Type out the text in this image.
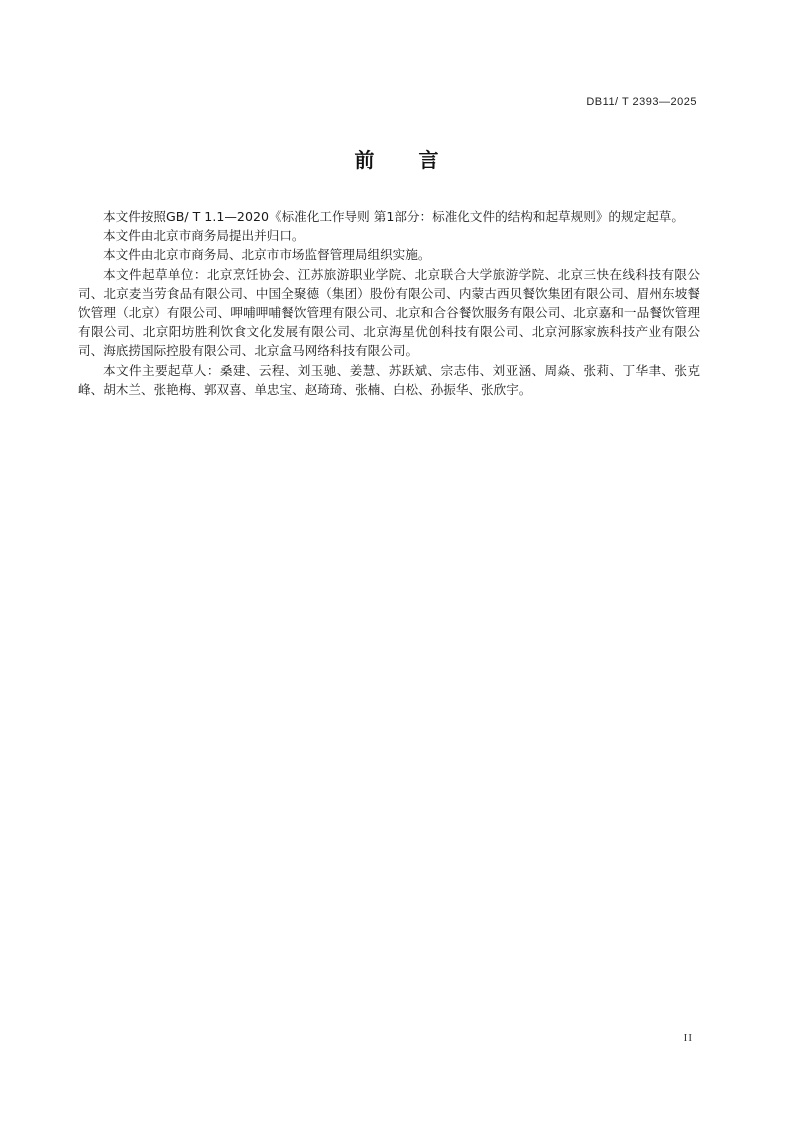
DB11/ T 2393—2025
前言

本文件按照GB/ T 1.1—2020《标准化工作导则 第1部分：标准化文件的结构和起草规则》的规定起草。

本文件由北京市商务局提出并归口。

本文件由北京市商务局、北京市市场监督管理局组织实施。

本文件起草单位：北京烹饪协会、江苏旅游职业学院、北京联合大学旅游学院、北京三快在线科技有限公司、北京麦当劳食品有限公司、中国全聚德（集团）股份有限公司、内蒙古西贝餐饮集团有限公司、眉州东坡餐饮管理（北京）有限公司、呷哺呷哺餐饮管理有限公司、北京和合谷餐饮服务有限公司、北京嘉和一品餐饮管理有限公司、北京阳坊胜利饮食文化发展有限公司、北京海星优创科技有限公司、北京河豚家族科技产业有限公司、海底捞国际控股有限公司、北京盒马网络科技有限公司。

本文件主要起草人：桑建、云程、刘玉驰、姜慧、苏跃斌、宗志伟、刘亚涵、周焱、张莉、丁华聿、张克峰、胡木兰、张艳梅、郭双喜、单忠宝、赵琦琦、张楠、白松、孙振华、张欣宇。

II
